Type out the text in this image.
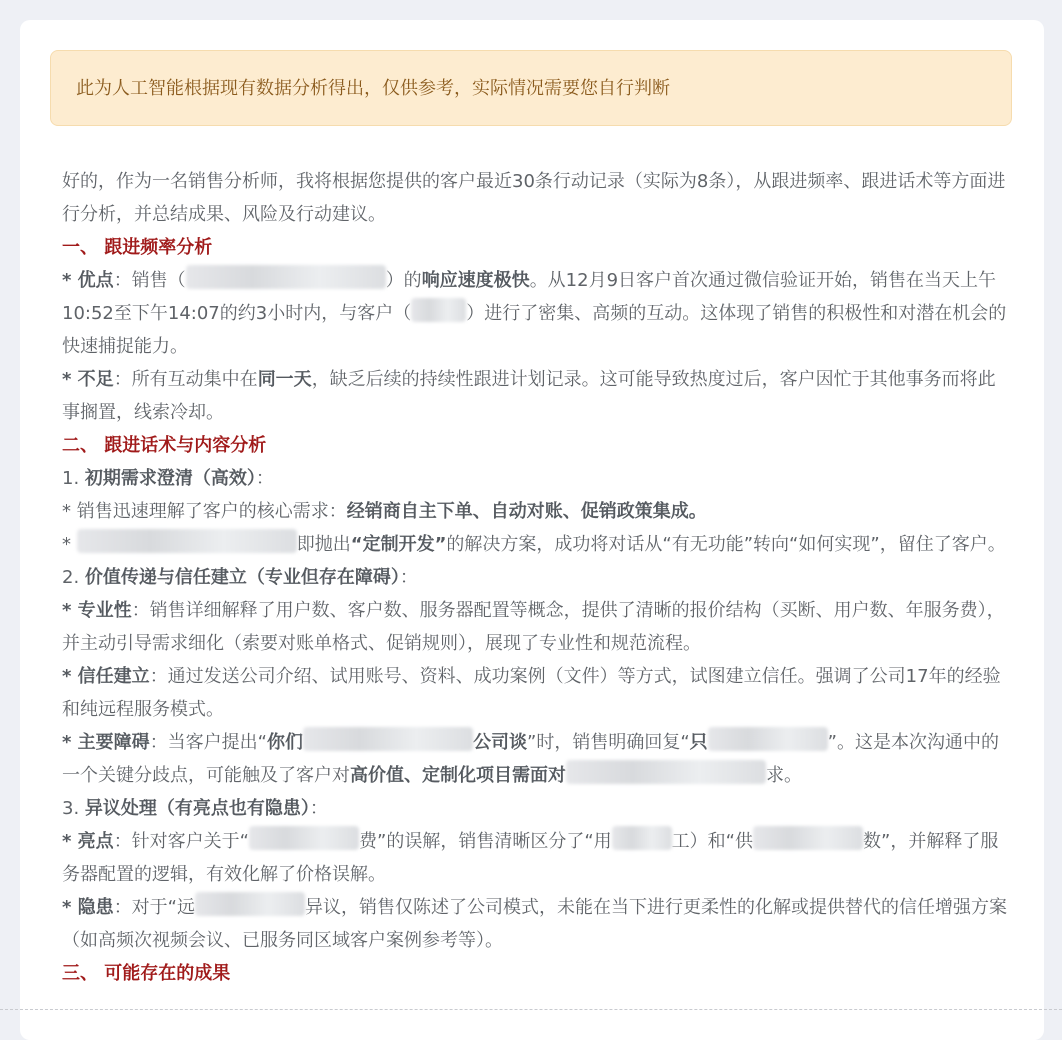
此为人工智能根据现有数据分析得出，仅供参考，实际情况需要您自行判断

好的，作为一名销售分析师，我将根据您提供的客户最近30条行动记录（实际为8条），从跟进频率、跟进话术等方面进行分析，并总结成果、风险及行动建议。

一、 跟进频率分析

* 优点：销售（	）的响应速度极快。从12月9日客户首次通过微信验证开始，销售在当天上午10:52至下午14:07的约3小时内，与客户（	）进行了密集、高频的互动。这体现了销售的积极性和对潜在机会的快速捕捉能力。

* 不足：所有互动集中在同一天，缺乏后续的持续性跟进计划记录。这可能导致热度过后，客户因忙于其他事务而将此事搁置，线索冷却。

二、 跟进话术与内容分析

1. 初期需求澄清（高效）：

* 销售迅速理解了客户的核心需求：经销商自主下单、自动对账、促销政策集成。

*	即抛出“定制开发”的解决方案，成功将对话从“有无功能”转向“如何实现”，留住了客户。

2. 价值传递与信任建立（专业但存在障碍）：

* 专业性：销售详细解释了用户数、客户数、服务器配置等概念，提供了清晰的报价结构（买断、用户数、年服务费），并主动引导需求细化（索要对账单格式、促销规则），展现了专业性和规范流程。

* 信任建立：通过发送公司介绍、试用账号、资料、成功案例（文件）等方式，试图建立信任。强调了公司17年的经验和纯远程服务模式。

* 主要障碍：当客户提出“你们	公司谈”时，销售明确回复“只	”。这是本次沟通中的一个关键分歧点，可能触及了客户对高价值、定制化项目需面对	求。

3. 异议处理（有亮点也有隐患）：

* 亮点：针对客户关于“	费”的误解，销售清晰区分了“用	工）和“供	数”，并解释了服务器配置的逻辑，有效化解了价格误解。

* 隐患：对于“远	异议，销售仅陈述了公司模式，未能在当下进行更柔性的化解或提供替代的信任增强方案（如高频次视频会议、已服务同区域客户案例参考等）。

三、 可能存在的成果
